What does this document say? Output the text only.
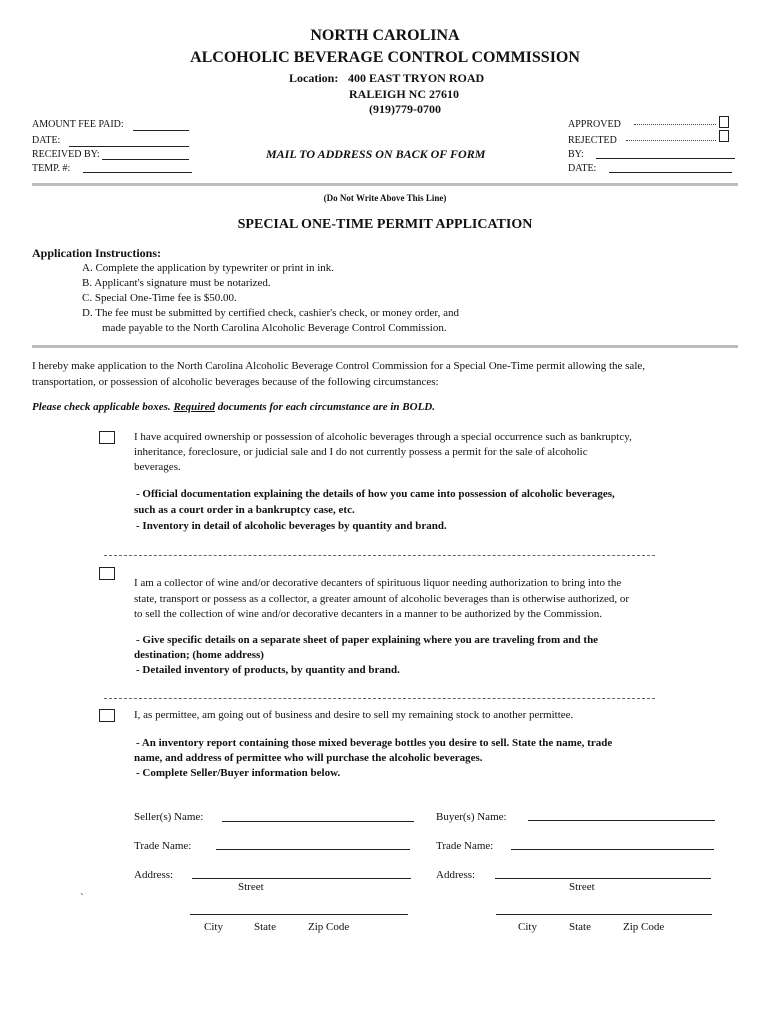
NORTH CAROLINA
ALCOHOLIC BEVERAGE CONTROL COMMISSION
Location: 400 EAST TRYON ROAD
RALEIGH NC 27610
(919)779-0700
AMOUNT FEE PAID:
DATE:
RECEIVED BY:
TEMP. #:
MAIL TO ADDRESS ON BACK OF FORM
APPROVED
REJECTED
BY:
DATE:
(Do Not Write Above This Line)
SPECIAL ONE-TIME PERMIT APPLICATION
Application Instructions:
A. Complete the application by typewriter or print in ink.
B. Applicant's signature must be notarized.
C. Special One-Time fee is $50.00.
D. The fee must be submitted by certified check, cashier's check, or money order, and
made payable to the North Carolina Alcoholic Beverage Control Commission.
I hereby make application to the North Carolina Alcoholic Beverage Control Commission for a Special One-Time permit allowing the sale,
transportation, or possession of alcoholic beverages because of the following circumstances:
Please check applicable boxes. Required documents for each circumstance are in BOLD.
I have acquired ownership or possession of alcoholic beverages through a special occurrence such as bankruptcy,
inheritance, foreclosure, or judicial sale and I do not currently possess a permit for the sale of alcoholic
beverages.
- Official documentation explaining the details of how you came into possession of alcoholic beverages,
such as a court order in a bankruptcy case, etc.
- Inventory in detail of alcoholic beverages by quantity and brand.
I am a collector of wine and/or decorative decanters of spirituous liquor needing authorization to bring into the
state, transport or possess as a collector, a greater amount of alcoholic beverages than is otherwise authorized, or
to sell the collection of wine and/or decorative decanters in a manner to be authorized by the Commission.
- Give specific details on a separate sheet of paper explaining where you are traveling from and the
destination; (home address)
- Detailed inventory of products, by quantity and brand.
I, as permittee, am going out of business and desire to sell my remaining stock to another permittee.
- An inventory report containing those mixed beverage bottles you desire to sell. State the name, trade
name, and address of permittee who will purchase the alcoholic beverages.
- Complete Seller/Buyer information below.
Seller(s) Name:
Trade Name:
Address:
Street
`
City	State	Zip Code
Buyer(s) Name:
Trade Name:
Address:
Street
City	State	Zip Code
